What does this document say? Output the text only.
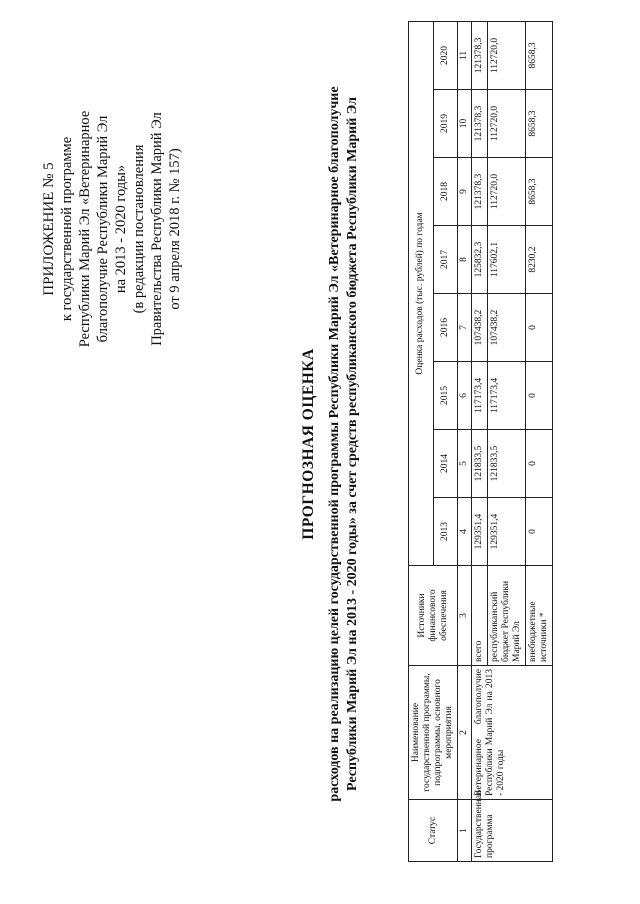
ПРИЛОЖЕНИЕ № 5 к государственной программе Республики Марий Эл «Ветеринарное благополучие Республики Марий Эл на 2013 - 2020 годы» (в редакции постановления Правительства Республики Марий Эл от 9 апреля 2018 г. № 157)
ПРОГНОЗНАЯ ОЦЕНКА расходов на реализацию целей государственной программы Республики Марий Эл «Ветеринарное благополучие Республики Марий Эл на 2013 - 2020 годы» за счет средств республиканского бюджета Республики Марий Эл
Статус	Наименование государственной программы, подпрограммы, основного мероприятия	Источники финансового обеспечения	Оценка расходов (тыс. рублей) по годам							
			2013	2014	2015	2016	2017	2018	2019	2020
1	2	3	4	5	6	7	8	9	10	11
Государственная программа	Ветеринарное благополучие Республики Марий Эл на 2013 - 2020 годы	всего	129351,4	121833,5	117173,4	107438,2	125832,3	121378,3	121378,3	121378,3
		республиканский бюджет Республики Марий Эл	129351,4	121833,5	117173,4	107438,2	117602,1	112720,0	112720,0	112720,0
		внебюджетные источники *	0	0	0	0	8230,2	8658,3	8658,3	8658,3
